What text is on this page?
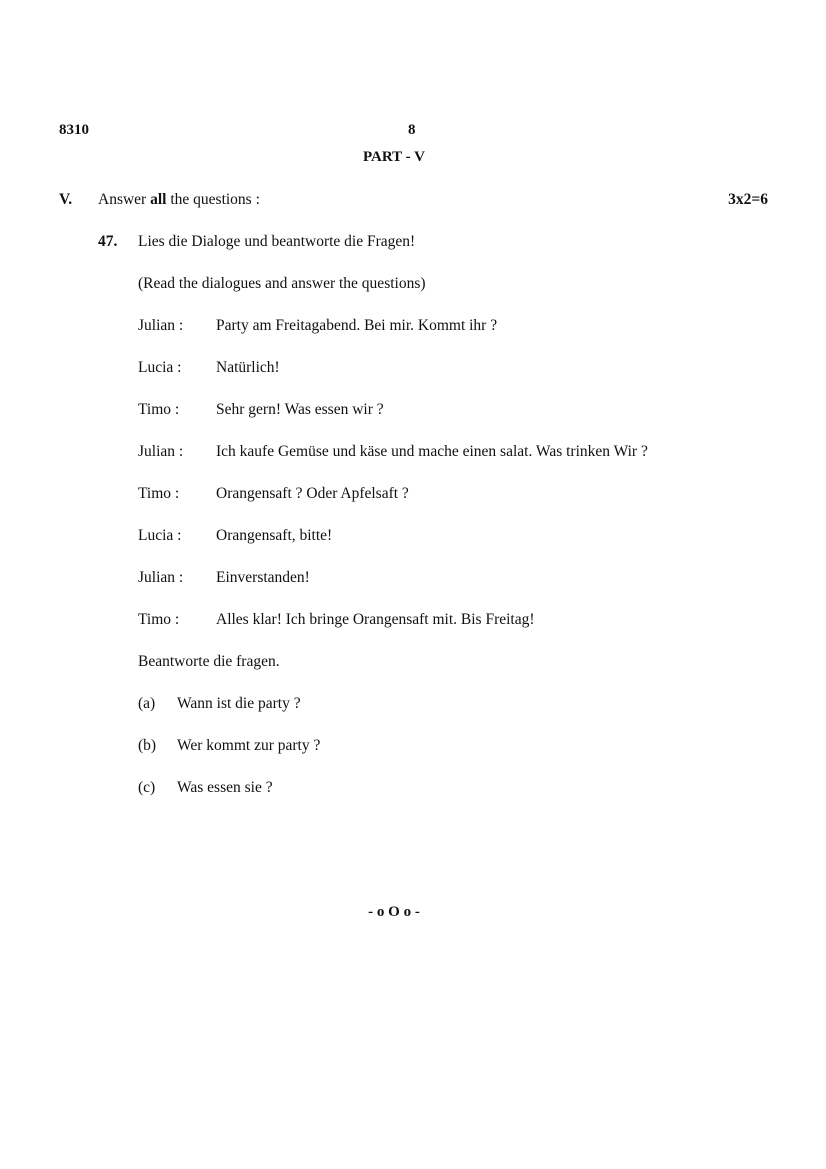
8310	8
PART - V
V. Answer all the questions :	3x2=6
47. Lies die Dialoge und beantworte die Fragen!
(Read the dialogues and answer the questions)
Julian : Party am Freitagabend. Bei mir. Kommt ihr ?
Lucia : Natürlich!
Timo : Sehr gern! Was essen wir ?
Julian : Ich kaufe Gemüse und käse und mache einen salat. Was trinken Wir ?
Timo : Orangensaft ? Oder Apfelsaft ?
Lucia : Orangensaft, bitte!
Julian : Einverstanden!
Timo : Alles klar! Ich bringe Orangensaft mit. Bis Freitag!
Beantworte die fragen.
(a) Wann ist die party ?
(b) Wer kommt zur party ?
(c) Was essen sie ?
- o O o -
